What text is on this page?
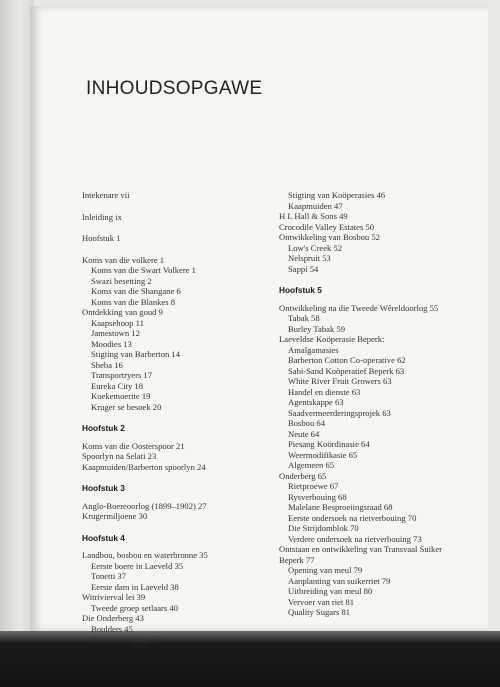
INHOUDSOPGAWE
Intekenare vii
Inleiding ix
Hoofstuk 1
Koms van die volkere 1
Koms van die Swart Volkere 1
Swazi besetting 2
Koms van die Shangane 6
Koms van die Blankes 8
Ontdekking van goud 9
Kaapsehoop 11
Jamestown 12
Moodies 13
Stigting van Barberton 14
Sheba 16
Transportryers 17
Eureka City 18
Koekemoerite 19
Kruger se besoek 20
Hoofstuk 2
Koms van die Oosterspoor 21
Spoorlyn na Selati 23
Kaapmuiden/Barberton spoorlyn 24
Hoofstuk 3
Anglo-Boereoorlog (1899–1902) 27
Krugermiljoene 30
Hoofstuk 4
Landbou, bosbou en waterbronne 35
Eerste boere in Laeveld 35
Tonetti 37
Eerste dam in Laeveld 38
Witrivierval lei 39
Tweede groep setlaars 40
Die Onderberg 43
Boulders 45
Boereverenigings 45
Stigting van Koöperasies 46
Kaapmuiden 47
H L Hall & Sons 49
Crocodile Valley Estates 50
Ontwikkeling van Bosbou 52
Low's Creek 52
Nelspruit 53
Sappi 54
Hoofstuk 5
Ontwikkeling na die Tweede Wêreldoorlog 55
Tabak 58
Burley Tabak 59
Laeveldse Koöperasie Beperk:
Amalgamasies
Barberton Cotton Co-operative 62
Sabi-Sand Koöperatief Beperk 63
White River Fruit Growers 63
Handel en dienste 63
Agentskappe 63
Saadvermeerderingsprojek 63
Bosbou 64
Neute 64
Piesang Koördinasie 64
Weermodifikasie 65
Algemeen 65
Onderberg 65
Rietproewe 67
Rysverbouing 68
Malelane Besproeiingsraad 68
Eerste ondersoek na rietverbouing 70
Die Strijdomblok 70
Verdere ondersoek na rietverbouing 73
Ontstaan en ontwikkeling van Transvaal Suiker
Beperk 77
Opening van meul 79
Aanplanting van suikerriet 79
Uitbreiding van meul 80
Vervoer van riet 81
Quality Sugars 81
